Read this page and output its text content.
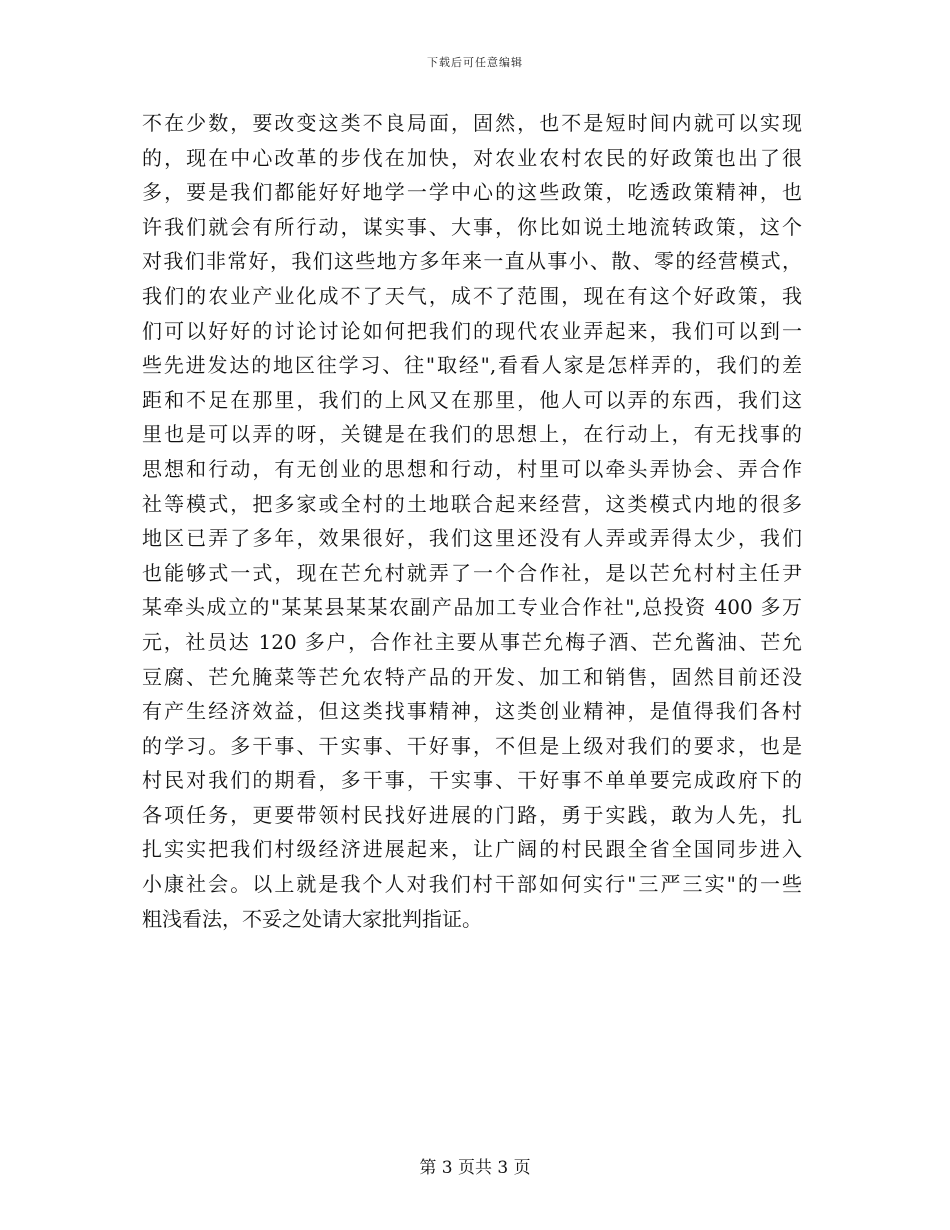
下载后可任意编辑
不在少数，要改变这类不良局面，固然，也不是短时间内就可以实现
的，现在中心改革的步伐在加快，对农业农村农民的好政策也出了很
多，要是我们都能好好地学一学中心的这些政策，吃透政策精神，也
许我们就会有所行动，谋实事、大事，你比如说土地流转政策，这个
对我们非常好，我们这些地方多年来一直从事小、散、零的经营模式，
我们的农业产业化成不了天气，成不了范围，现在有这个好政策，我
们可以好好的讨论讨论如何把我们的现代农业弄起来，我们可以到一
些先进发达的地区往学习、往"取经",看看人家是怎样弄的，我们的差
距和不足在那里，我们的上风又在那里，他人可以弄的东西，我们这
里也是可以弄的呀，关键是在我们的思想上，在行动上，有无找事的
思想和行动，有无创业的思想和行动，村里可以牵头弄协会、弄合作
社等模式，把多家或全村的土地联合起来经营，这类模式内地的很多
地区已弄了多年，效果很好，我们这里还没有人弄或弄得太少，我们
也能够式一式，现在芒允村就弄了一个合作社，是以芒允村村主任尹
某牵头成立的"某某县某某农副产品加工专业合作社",总投资 400 多万
元，社员达 120 多户，合作社主要从事芒允梅子酒、芒允酱油、芒允
豆腐、芒允腌菜等芒允农特产品的开发、加工和销售，固然目前还没
有产生经济效益，但这类找事精神，这类创业精神，是值得我们各村
的学习。多干事、干实事、干好事，不但是上级对我们的要求，也是
村民对我们的期看，多干事，干实事、干好事不单单要完成政府下的
各项任务，更要带领村民找好进展的门路，勇于实践，敢为人先，扎
扎实实把我们村级经济进展起来，让广阔的村民跟全省全国同步进入
小康社会。以上就是我个人对我们村干部如何实行"三严三实"的一些
粗浅看法，不妥之处请大家批判指证。
第 3 页共 3 页
